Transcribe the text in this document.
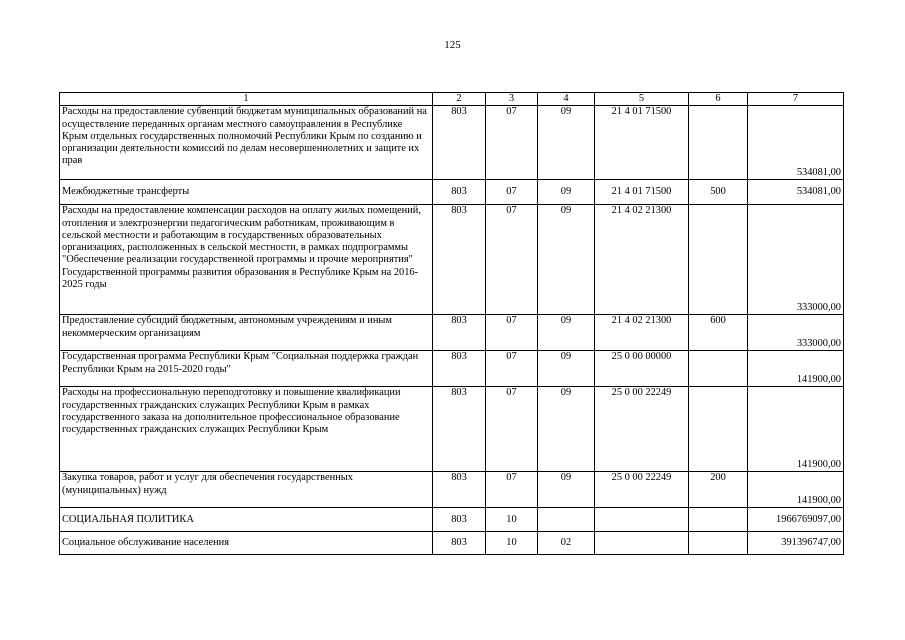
125
1	2	3	4	5	6	7
Расходы на предоставление субвенций бюджетам муниципальных образований на осуществление переданных органам местного самоуправления в Республике Крым отдельных государственных полномочий Республики Крым по созданию и организации деятельности комиссий по делам несовершеннолетних и защите их прав	803	07	09	21 4 01 71500		534081,00
Межбюджетные трансферты	803	07	09	21 4 01 71500	500	534081,00
Расходы на предоставление компенсации расходов на оплату жилых помещений, отопления и электроэнергии педагогическим работникам, проживающим в сельской местности и работающим в государственных образовательных организациях, расположенных в сельской местности, в рамках подпрограммы "Обеспечение реализации государственной программы и прочие мероприятия" Государственной программы развития образования в Республике Крым на 2016-2025 годы	803	07	09	21 4 02 21300		333000,00
Предоставление субсидий бюджетным, автономным учреждениям и иным некоммерческим организациям	803	07	09	21 4 02 21300	600	333000,00
Государственная программа Республики Крым "Социальная поддержка граждан Республики Крым на 2015-2020 годы"	803	07	09	25 0 00 00000		141900,00
Расходы на профессиональную переподготовку и повышение квалификации государственных гражданских служащих Республики Крым в рамках государственного заказа на дополнительное профессиональное образование государственных гражданских служащих Республики Крым	803	07	09	25 0 00 22249		141900,00
Закупка товаров, работ и услуг для обеспечения государственных (муниципальных) нужд	803	07	09	25 0 00 22249	200	141900,00
СОЦИАЛЬНАЯ ПОЛИТИКА	803	10				1966769097,00
Социальное обслуживание населения	803	10	02			391396747,00
